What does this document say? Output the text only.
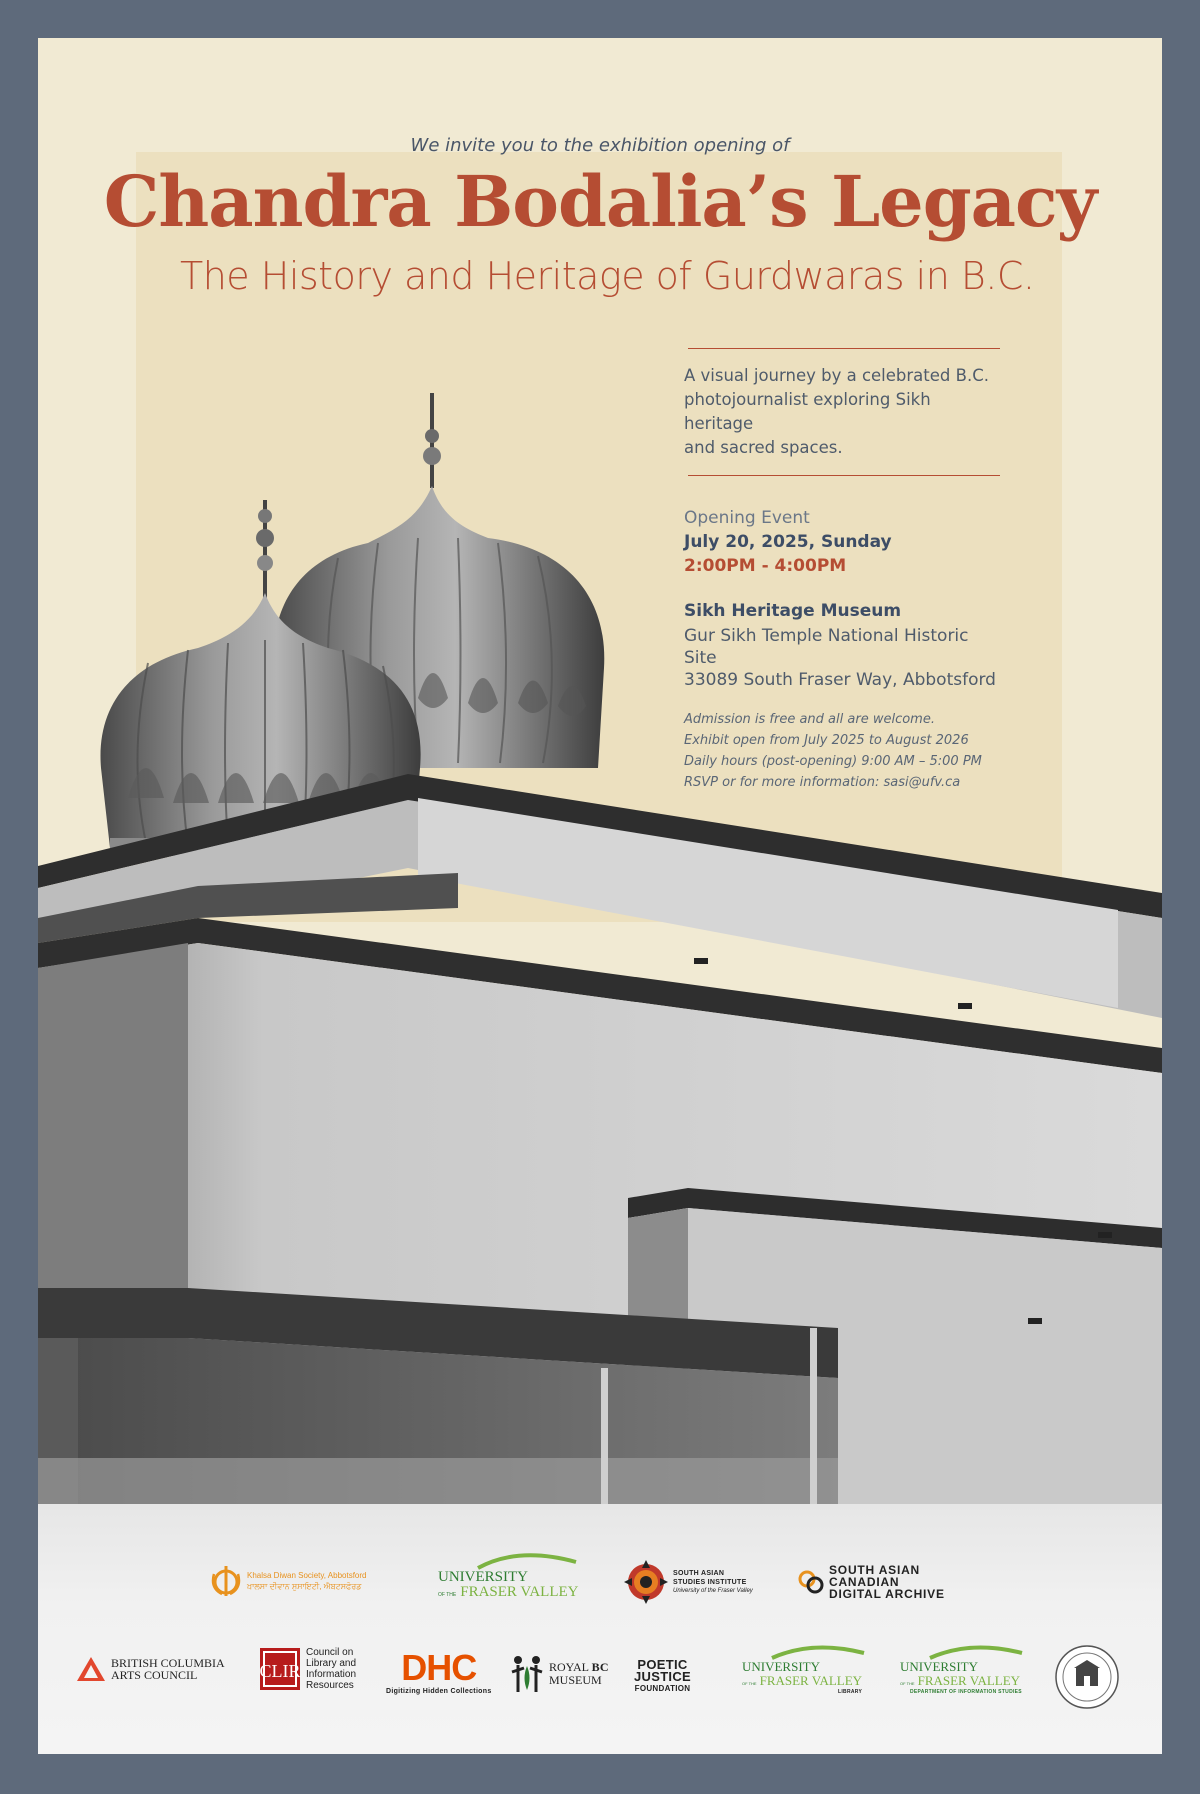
We invite you to the exhibition opening of
Chandra Bodalia’s Legacy
The History and Heritage of Gurdwaras in B.C.
A visual journey by a celebrated B.C.
photojournalist exploring Sikh heritage
and sacred spaces.
Opening Event
July 20, 2025, Sunday
2:00PM - 4:00PM
Sikh Heritage Museum
Gur Sikh Temple National Historic Site
33089 South Fraser Way, Abbotsford
Admission is free and all are welcome.
Exhibit open from July 2025 to August 2026
Daily hours (post-opening) 9:00 AM – 5:00 PM
RSVP or for more information: sasi@ufv.ca
Khalsa Diwan Society, Abbotsford
ਖ਼ਾਲਸਾ ਦੀਵਾਨ ਸੁਸਾਇਟੀ, ਐਬਟਸਫੋਰਡ
UNIVERSITY
OF THE FRASER VALLEY
SOUTH ASIAN
STUDIES INSTITUTE
University of the Fraser Valley
SOUTH ASIAN
CANADIAN
DIGITAL ARCHIVE
BRITISH COLUMBIA
ARTS COUNCIL	CLIR
Council on
Library and
Information
Resources DHC
Digitizing Hidden Collections
ROYAL BC
MUSEUM
POETIC
JUSTICE
FOUNDATION
UNIVERSITY
OF THE FRASER VALLEY
LIBRARY
UNIVERSITY
OF THE FRASER VALLEY
DEPARTMENT OF INFORMATION STUDIES
